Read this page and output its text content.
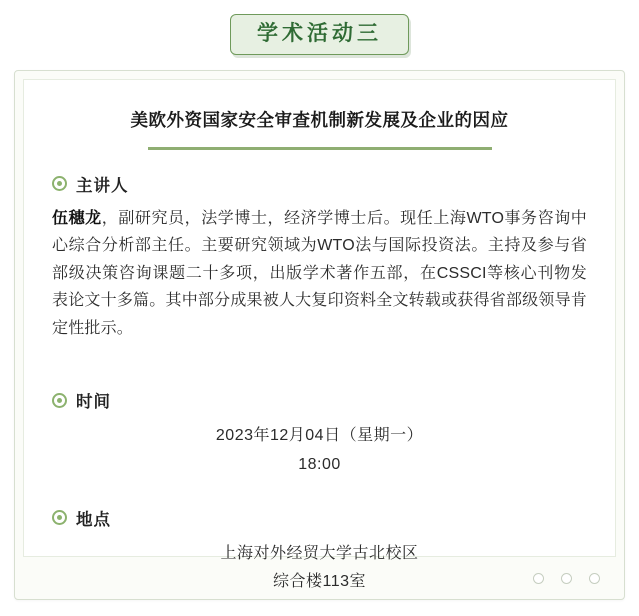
学术活动三
美欧外资国家安全审查机制新发展及企业的因应
主讲人
伍穗龙，副研究员，法学博士，经济学博士后。现任上海WTO事务咨询中心综合分析部主任。主要研究领域为WTO法与国际投资法。主持及参与省部级决策咨询课题二十多项，出版学术著作五部，在CSSCI等核心刊物发表论文十多篇。其中部分成果被人大复印资料全文转载或获得省部级领导肯定性批示。
时间
2023年12月04日（星期一）
18:00
地点
上海对外经贸大学古北校区
综合楼113室
